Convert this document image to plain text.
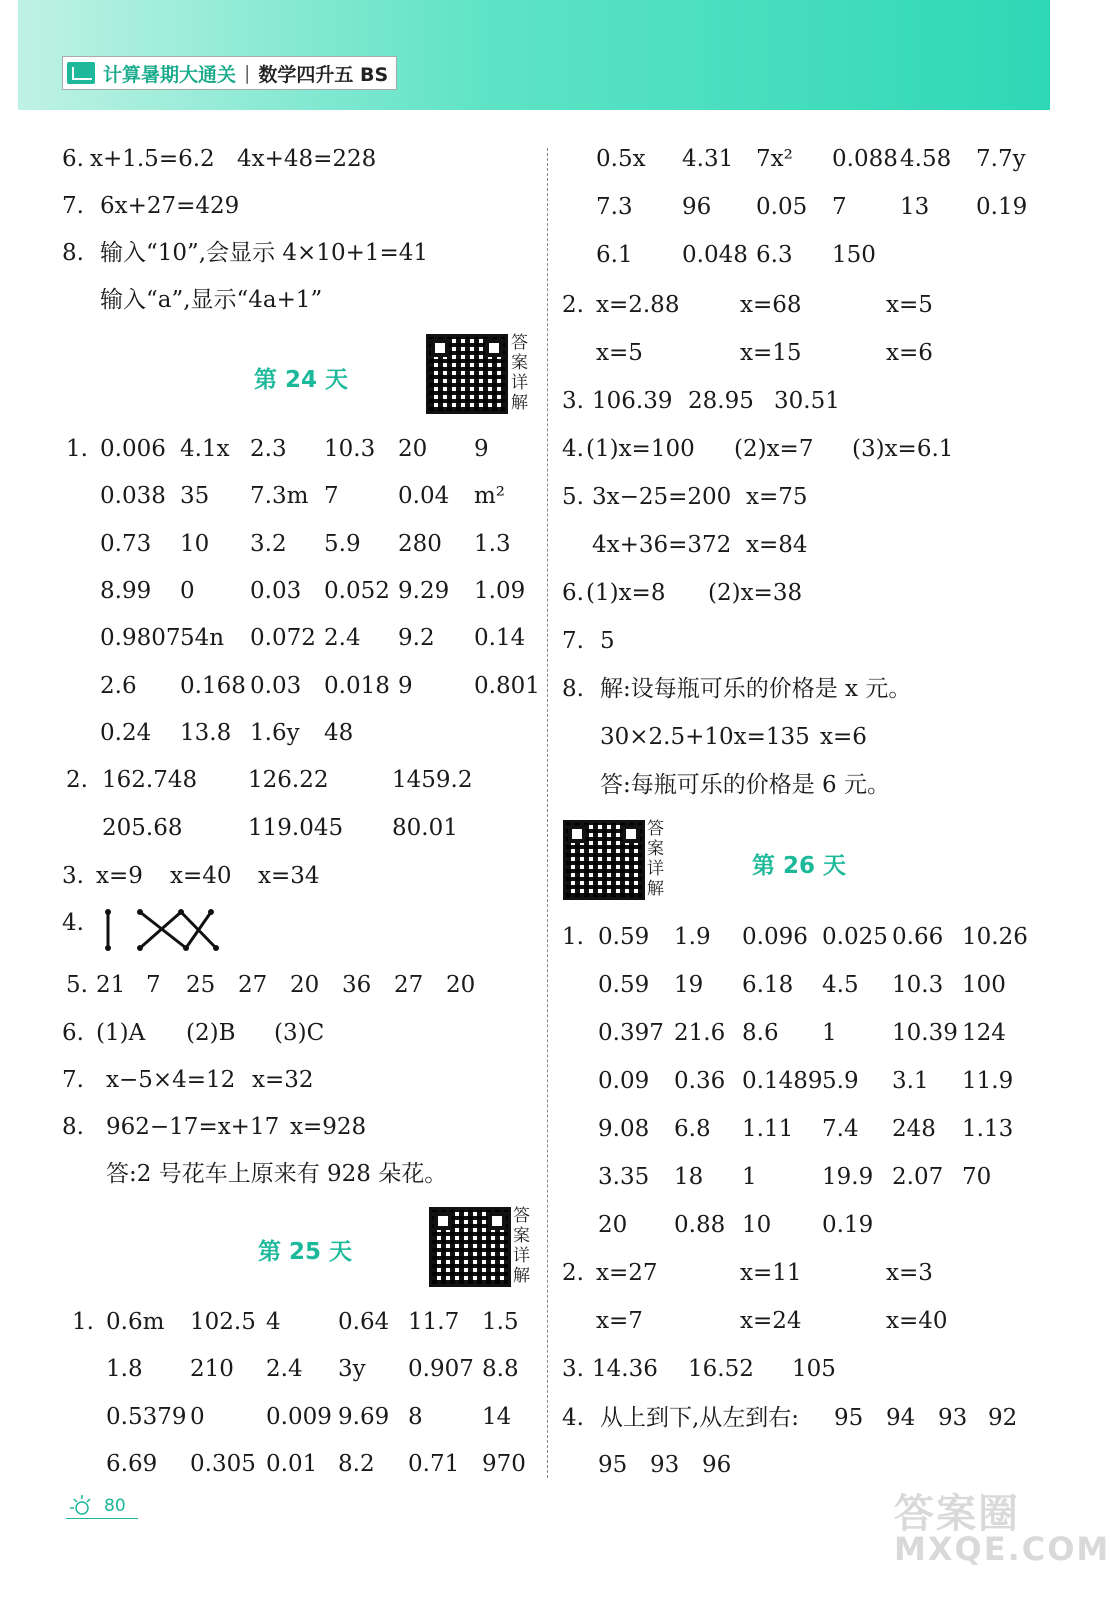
计算暑期大通关 | 数学四升五 BS
6. x+1.5=6.2 4x+48=228
7. 6x+27=429
8. 输入“10”,会显示 4×10+1=41
输入“a”,显示“4a+1”
第 24 天
答案详解
1. 0.006 4.1x 2.3 10.3 20 9
0.038 35 7.3m 7	0.04 m²
0.73 10 3.2 5.9 280 1.3
8.99 0 0.03 0.052 9.29 1.09
0.9807 54n 0.072 2.4 9.2 0.14
2.6 0.168 0.03 0.018 9	0.801
0.24 13.8 1.6y 48
2. 162.748 126.22	1459.2
205.68	119.045 80.01
3. x=9 x=40 x=34
4.
5. 21 7 25 27 20 36 27 20
6. (1)A (2)B (3)C
7. x−5×4=12 x=32
8. 962−17=x+17 x=928
答:2 号花车上原来有 928 朵花。
第 25 天
答案详解
1. 0.6m 102.5 4 0.64 11.7 1.5
1.8 210 2.4 3y 0.907 8.8
0.5379 0	0.009 9.69 8	14
6.69 0.305 0.01 8.2 0.71 970
0.5x 4.31 7x² 0.088 4.58 7.7y
7.3 96 0.05 7 13 0.19
6.1 0.048 6.3 150
2. x=2.88	x=68	x=5
x=5	x=15	x=6
3. 106.39 28.95 30.51
4. (1)x=100 (2)x=7 (3)x=6.1
5. 3x−25=200 x=75
4x+36=372 x=84
6. (1)x=8 (2)x=38
7. 5
8. 解:设每瓶可乐的价格是 x 元。
30×2.5+10x=135 x=6
答:每瓶可乐的价格是 6 元。
答案详解
第 26 天
1. 0.59 1.9 0.096 0.025 0.66 10.26
0.59 19 6.18 4.5 10.3 100
0.397 21.6 8.6 1 10.39 124
0.09 0.36 0.1489 5.9 3.1 11.9
9.08 6.8 1.11 7.4 248 1.13
3.35 18 1	19.9 2.07 70
20 0.88 10 0.19
2. x=27	x=11	x=3
x=7	x=24	x=40
3. 14.36 16.52 105
4. 从上到下,从左到右: 95 94 93 92
95 93 96
80	答案圈
MXQE.COM
